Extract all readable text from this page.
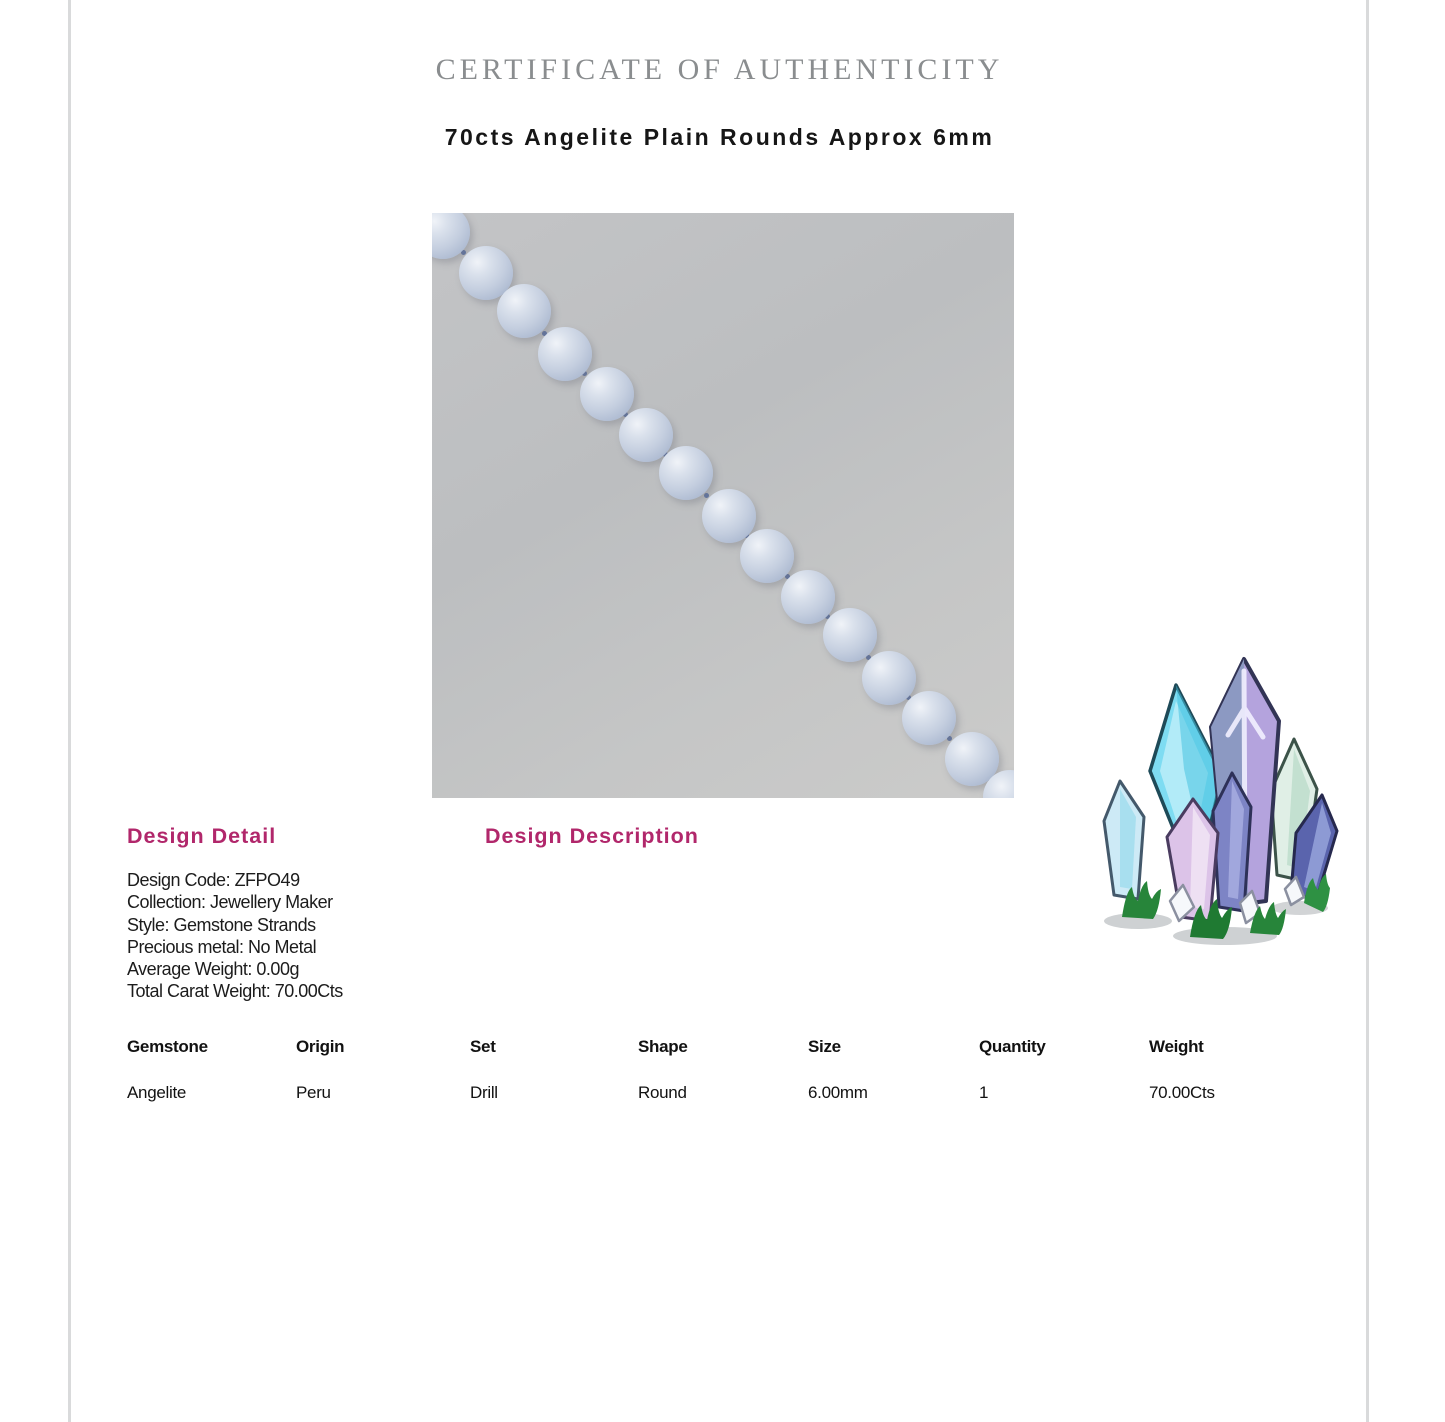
CERTIFICATE OF AUTHENTICITY
70cts Angelite Plain Rounds Approx 6mm
Design Detail	Design Description
Design Code: ZFPO49
Collection: Jewellery Maker
Style: Gemstone Strands
Precious metal: No Metal
Average Weight: 0.00g
Total Carat Weight: 70.00Cts
Gemstone	Origin	Set	Shape	Size	Quantity	Weight
Angelite	Peru	Drill	Round	6.00mm	1	70.00Cts
